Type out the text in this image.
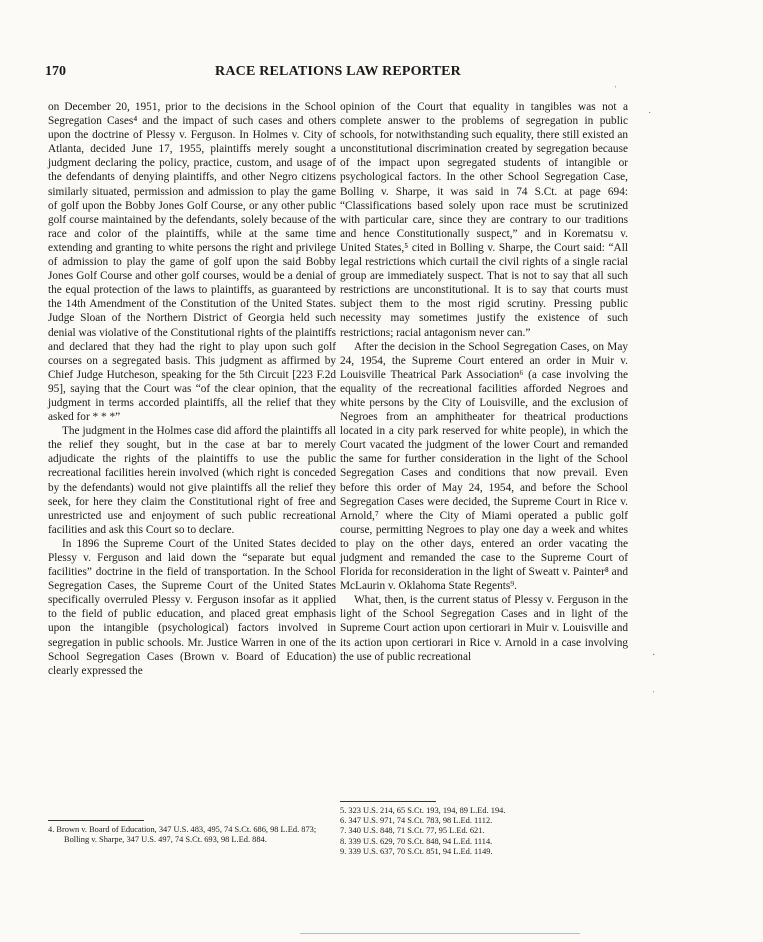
170	RACE RELATIONS LAW REPORTER

on December 20, 1951, prior to the decisions in the School Segregation Cases⁴ and the impact of such cases and others upon the doctrine of Plessy v. Ferguson. In Holmes v. City of Atlanta, decided June 17, 1955, plaintiffs merely sought a judgment declaring the policy, practice, custom, and usage of the defendants of denying plaintiffs, and other Negro citizens similarly situated, permission and admission to play the game of golf upon the Bobby Jones Golf Course, or any other public golf course maintained by the defendants, solely because of the race and color of the plaintiffs, while at the same time extending and granting to white persons the right and privilege of admission to play the game of golf upon the said Bobby Jones Golf Course and other golf courses, would be a denial of the equal protection of the laws to plaintiffs, as guaranteed by the 14th Amendment of the Constitution of the United States. Judge Sloan of the Northern District of Georgia held such denial was violative of the Constitutional rights of the plaintiffs and declared that they had the right to play upon such golf courses on a segregated basis. This judgment as affirmed by Chief Judge Hutcheson, speaking for the 5th Circuit [223 F.2d 95], saying that the Court was “of the clear opinion, that the judgment in terms accorded plaintiffs, all the relief that they asked for * * *”

The judgment in the Holmes case did afford the plaintiffs all the relief they sought, but in the case at bar to merely adjudicate the rights of the plaintiffs to use the public recreational facilities herein involved (which right is conceded by the defendants) would not give plaintiffs all the relief they seek, for here they claim the Constitutional right of free and unrestricted use and enjoyment of such public recreational facilities and ask this Court so to declare.

In 1896 the Supreme Court of the United States decided Plessy v. Ferguson and laid down the “separate but equal facilities” doctrine in the field of transportation. In the School Segregation Cases, the Supreme Court of the United States specifically overruled Plessy v. Ferguson insofar as it applied to the field of public education, and placed great emphasis upon the intangible (psychological) factors involved in segregation in public schools. Mr. Justice Warren in one of the School Segregation Cases (Brown v. Board of Education) clearly expressed the

4. Brown v. Board of Education, 347 U.S. 483, 495, 74 S.Ct. 686, 98 L.Ed. 873; Bolling v. Sharpe, 347 U.S. 497, 74 S.Ct. 693, 98 L.Ed. 884.

opinion of the Court that equality in tangibles was not a complete answer to the problems of segregation in public schools, for notwithstanding such equality, there still existed an unconstitutional discrimination created by segregation because of the impact upon segregated students of intangible or psychological factors. In the other School Segregation Case, Bolling v. Sharpe, it was said in 74 S.Ct. at page 694: “Classifications based solely upon race must be scrutinized with particular care, since they are contrary to our traditions and hence Constitutionally suspect,” and in Korematsu v. United States,⁵ cited in Bolling v. Sharpe, the Court said: “All legal restrictions which curtail the civil rights of a single racial group are immediately suspect. That is not to say that all such restrictions are unconstitutional. It is to say that courts must subject them to the most rigid scrutiny. Pressing public necessity may sometimes justify the existence of such restrictions; racial antagonism never can.”

After the decision in the School Segregation Cases, on May 24, 1954, the Supreme Court entered an order in Muir v. Louisville Theatrical Park Association⁶ (a case involving the equality of the recreational facilities afforded Negroes and white persons by the City of Louisville, and the exclusion of Negroes from an amphitheater for theatrical productions located in a city park reserved for white people), in which the Court vacated the judgment of the lower Court and remanded the same for further consideration in the light of the School Segregation Cases and conditions that now prevail. Even before this order of May 24, 1954, and before the School Segregation Cases were decided, the Supreme Court in Rice v. Arnold,⁷ where the City of Miami operated a public golf course, permitting Negroes to play one day a week and whites to play on the other days, entered an order vacating the judgment and remanded the case to the Supreme Court of Florida for reconsideration in the light of Sweatt v. Painter⁸ and McLaurin v. Oklahoma State Regents⁹.

What, then, is the current status of Plessy v. Ferguson in the light of the School Segregation Cases and in light of the Supreme Court action upon certiorari in Muir v. Louisville and its action upon certiorari in Rice v. Arnold in a case involving the use of public recreational

5. 323 U.S. 214, 65 S.Ct. 193, 194, 89 L.Ed. 194.
6. 347 U.S. 971, 74 S.Ct. 783, 98 L.Ed. 1112.
7. 340 U.S. 848, 71 S.Ct. 77, 95 L.Ed. 621.
8. 339 U.S. 629, 70 S.Ct. 848, 94 L.Ed. 1114.
9. 339 U.S. 637, 70 S.Ct. 851, 94 L.Ed. 1149.
ˌ
˙
·
ˈ
